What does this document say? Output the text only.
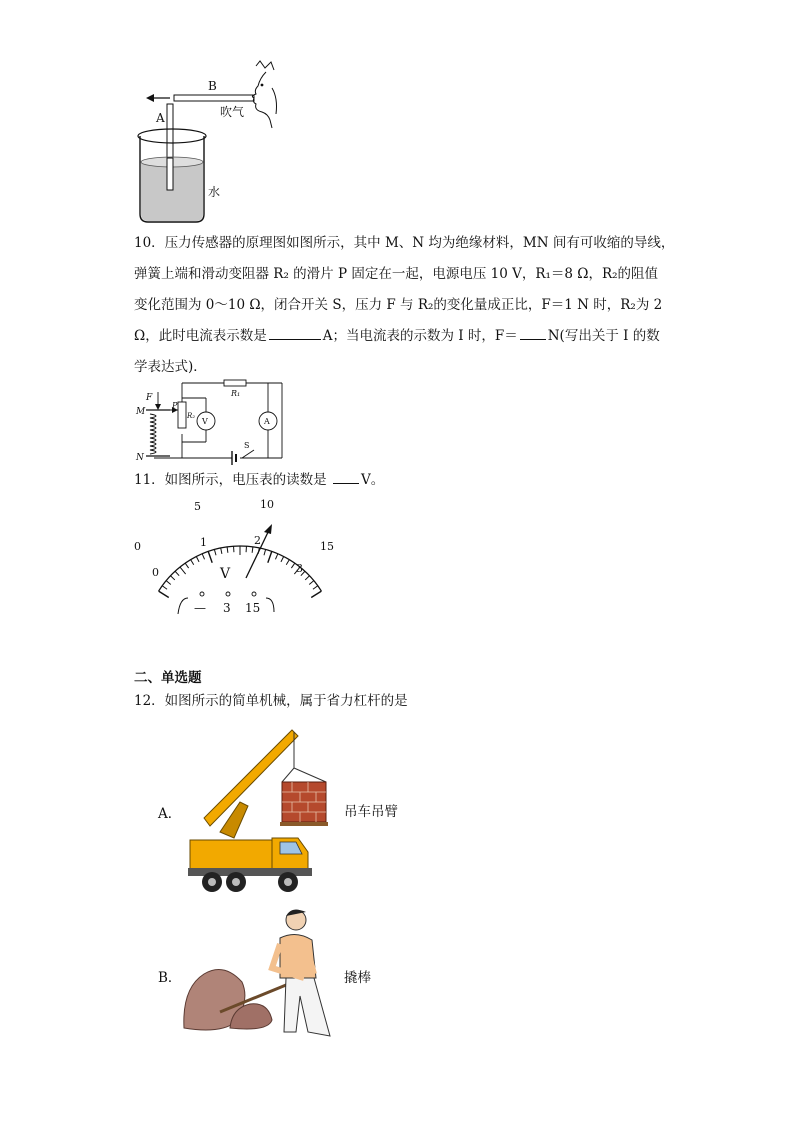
B
A	吹气
水
10．压力传感器的原理图如图所示，其中 M、N 均为绝缘材料，MN 间有可收缩的导线，
弹簧上端和滑动变阻器 R₂ 的滑片 P 固定在一起，电源电压 10 V，R₁＝8 Ω，R₂的阻值
变化范围为 0～10 Ω，闭合开关 S，压力 F 与 R₂的变化量成正比，F＝1 N 时，R₂为 2
Ω，此时电流表示数是	A；当电流表的示数为 I 时，F＝ N(写出关于 I 的数
学表达式)．
F
M
N
P
R₁
R₂
V	A
S
11．如图所示，电压表的读数是 V。
0
5	10
15
0
1	2
3
V
— 3 15
二、单选题
12．如图所示的简单机械，属于省力杠杆的是
A．	吊车吊臂
B．	撬棒
